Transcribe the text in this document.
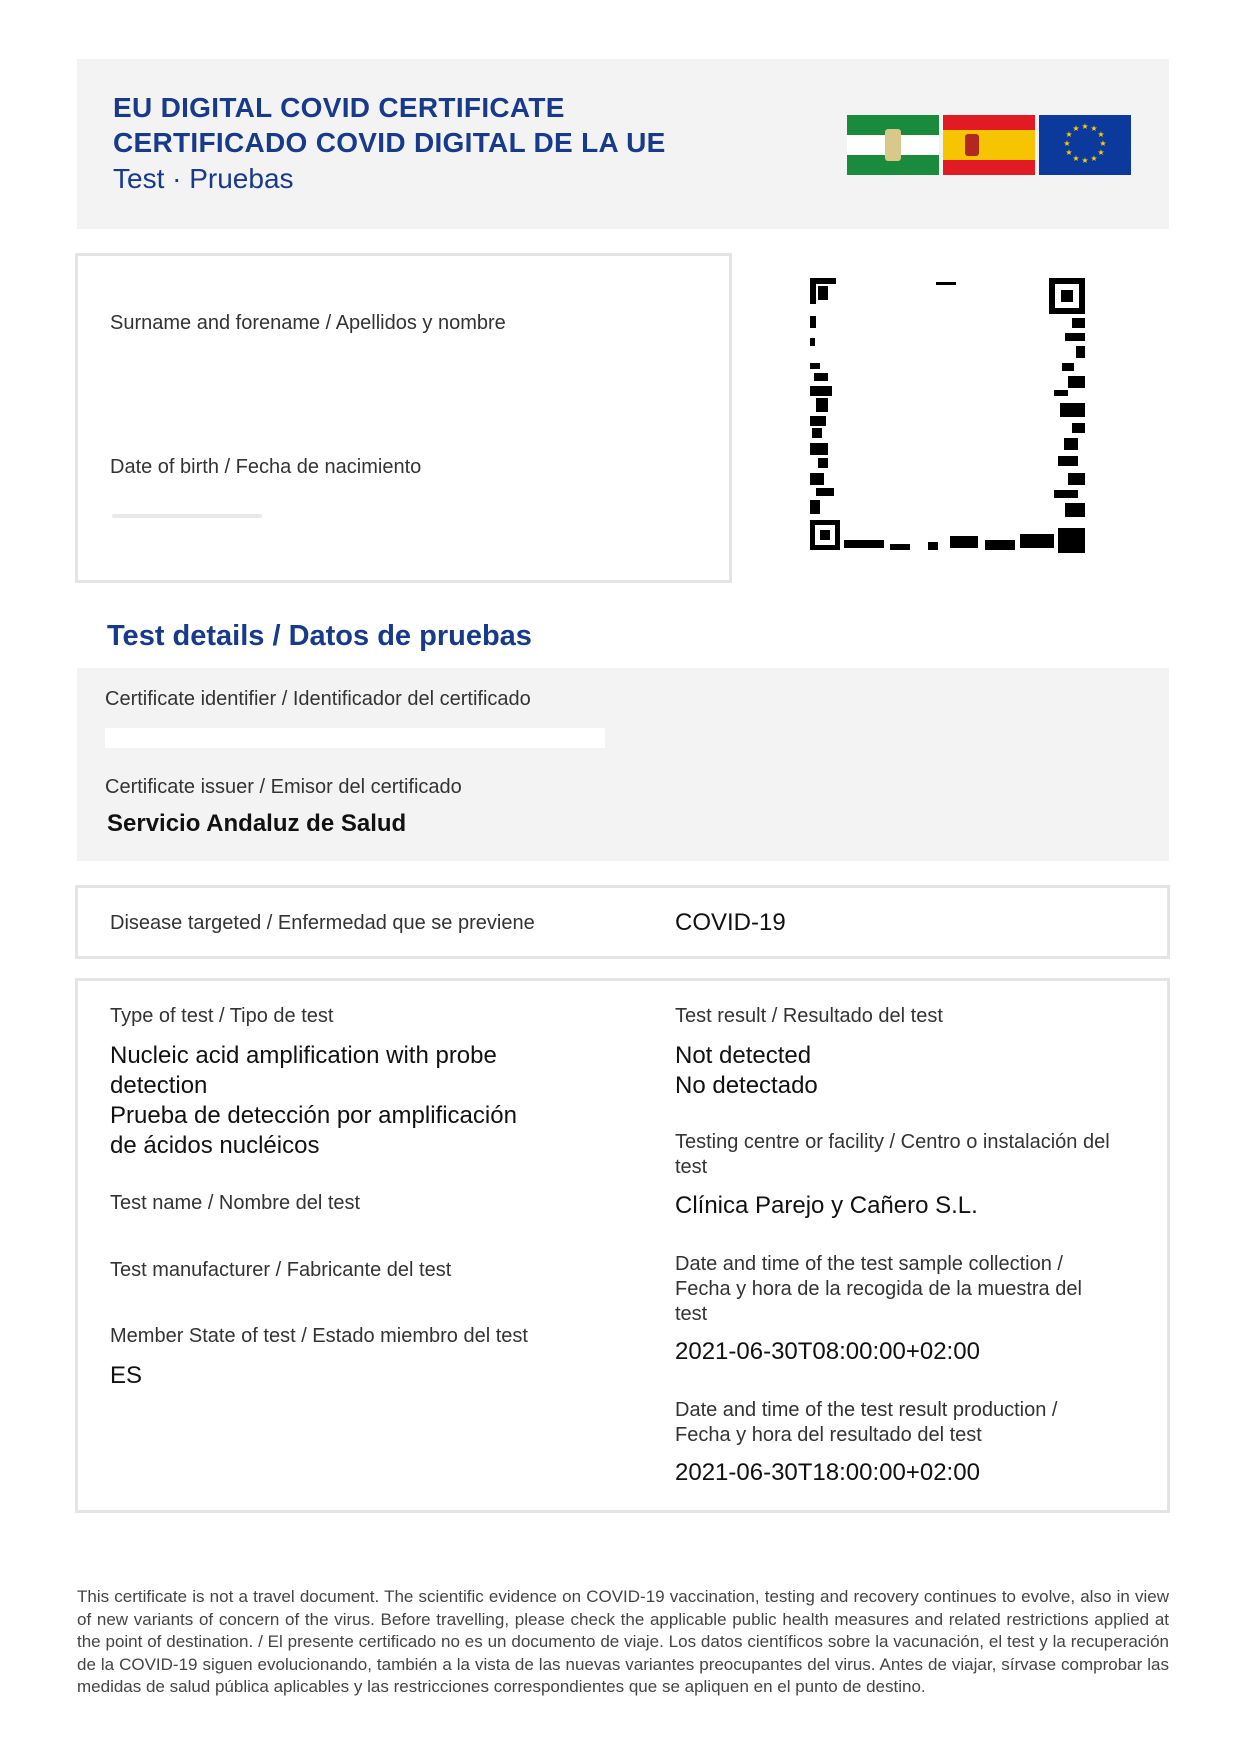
EU DIGITAL COVID CERTIFICATE
CERTIFICADO COVID DIGITAL DE LA UE
Test · Pruebas
★ ★
★
★
★
★
★
★
★
★
★
★
Surname and forename / Apellidos y nombre
Date of birth / Fecha de nacimiento
Test details / Datos de pruebas
Certificate identifier / Identificador del certificado
Certificate issuer / Emisor del certificado
Servicio Andaluz de Salud
Disease targeted / Enfermedad que se previene	COVID-19
Type of test / Tipo de test
Nucleic acid amplification with probe
detection
Prueba de detección por amplificación
de ácidos nucléicos
Test name / Nombre del test
Test manufacturer / Fabricante del test
Member State of test / Estado miembro del test
ES
Test result / Resultado del test
Not detected
No detectado
Testing centre or facility / Centro o instalación del
test
Clínica Parejo y Cañero S.L.
Date and time of the test sample collection /
Fecha y hora de la recogida de la muestra del
test
2021-06-30T08:00:00+02:00
Date and time of the test result production /
Fecha y hora del resultado del test
2021-06-30T18:00:00+02:00
This certificate is not a travel document. The scientific evidence on COVID-19 vaccination, testing and recovery continues to evolve, also in view of new variants of concern of the virus. Before travelling, please check the applicable public health measures and related restrictions applied at the point of destination. / El presente certificado no es un documento de viaje. Los datos científicos sobre la vacunación, el test y la recuperación de la COVID-19 siguen evolucionando, también a la vista de las nuevas variantes preocupantes del virus. Antes de viajar, sírvase comprobar las medidas de salud pública aplicables y las restricciones correspondientes que se apliquen en el punto de destino.
